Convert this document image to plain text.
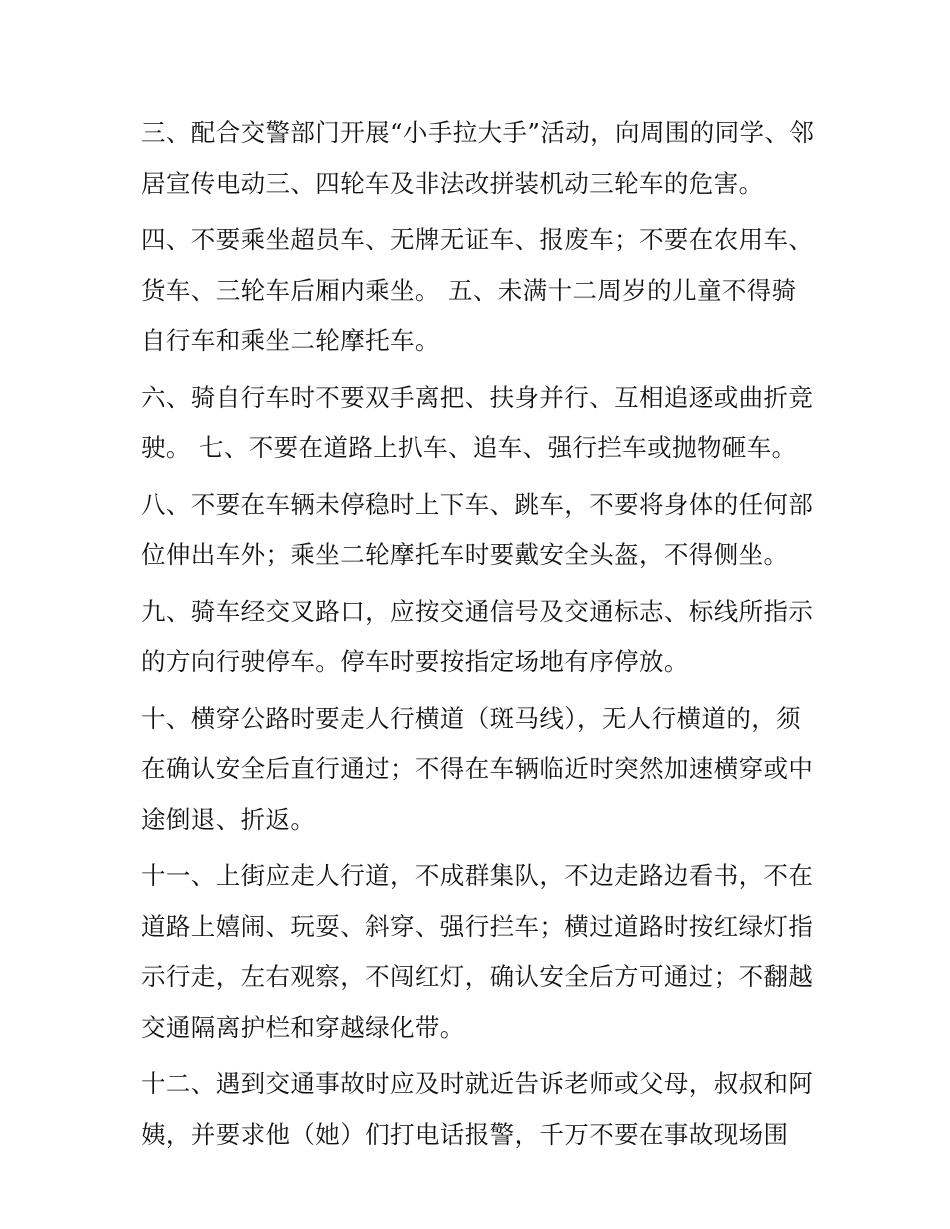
三、配合交警部门开展“小手拉大手”活动，向周围的同学、邻
居宣传电动三、四轮车及非法改拼装机动三轮车的危害。

四、不要乘坐超员车、无牌无证车、报废车；不要在农用车、
货车、三轮车后厢内乘坐。 五、未满十二周岁的儿童不得骑
自行车和乘坐二轮摩托车。

六、骑自行车时不要双手离把、扶身并行、互相追逐或曲折竞
驶。 七、不要在道路上扒车、追车、强行拦车或抛物砸车。

八、不要在车辆未停稳时上下车、跳车，不要将身体的任何部
位伸出车外；乘坐二轮摩托车时要戴安全头盔，不得侧坐。

九、骑车经交叉路口，应按交通信号及交通标志、标线所指示
的方向行驶停车。停车时要按指定场地有序停放。

十、横穿公路时要走人行横道（斑马线），无人行横道的，须
在确认安全后直行通过；不得在车辆临近时突然加速横穿或中
途倒退、折返。

十一、上街应走人行道，不成群集队，不边走路边看书，不在
道路上嬉闹、玩耍、斜穿、强行拦车；横过道路时按红绿灯指
示行走，左右观察，不闯红灯，确认安全后方可通过；不翻越
交通隔离护栏和穿越绿化带。

十二、遇到交通事故时应及时就近告诉老师或父母，叔叔和阿
姨，并要求他（她）们打电话报警，千万不要在事故现场围
